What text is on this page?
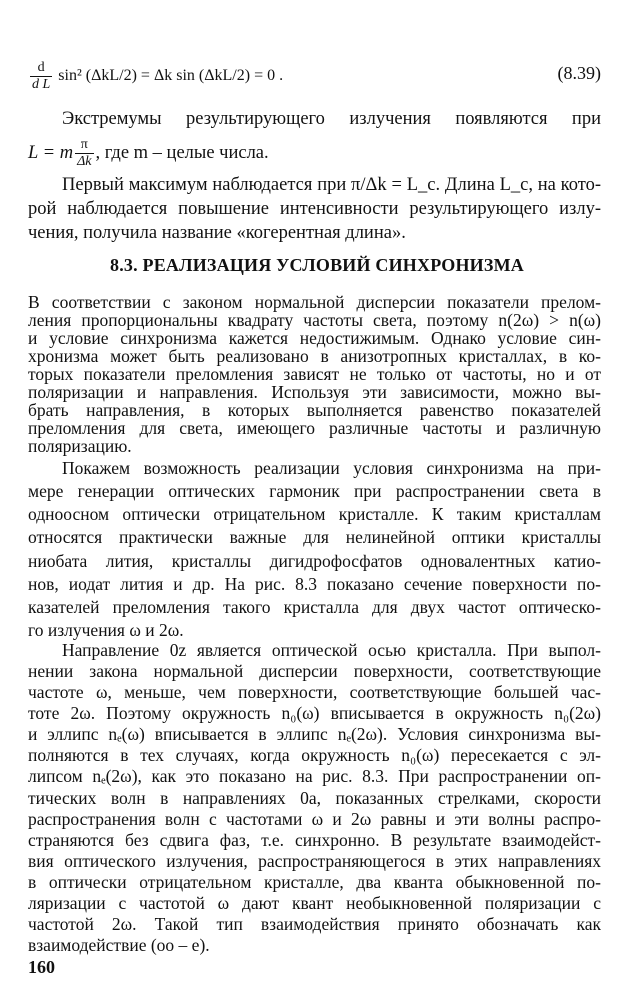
$\frac{d}{\text{d L}} \sin^2$ (ΔkL/2) = Δk sin (ΔkL/2) = 0 .	(8.39)
Экстремумы результирующего излучения появляются при
L = m $\frac{\pi}{\Delta k}$ , где m – целые числа.
Первый максимум наблюдается при π/Δk = L_c. Длина L_c, на кото-
рой наблюдается повышение интенсивности результирующего излу-
чения, получила название «когерентная длина».
8.3. РЕАЛИЗАЦИЯ УСЛОВИЙ СИНХРОНИЗМА
В соответствии с законом нормальной дисперсии показатели прелом-
ления пропорциональны квадрату частоты света, поэтому n(2ω) > n(ω)
и условие синхронизма кажется недостижимым. Однако условие син-
хронизма может быть реализовано в анизотропных кристаллах, в ко-
торых показатели преломления зависят не только от частоты, но и от
поляризации и направления. Используя эти зависимости, можно вы-
брать направления, в которых выполняется равенство показателей
преломления для света, имеющего различные частоты и различную
поляризацию.
Покажем возможность реализации условия синхронизма на при-
мере генерации оптических гармоник при распространении света в
одноосном оптически отрицательном кристалле. К таким кристаллам
относятся практически важные для нелинейной оптики кристаллы
ниобата лития, кристаллы дигидрофосфатов одновалентных катио-
нов, иодат лития и др. На рис. 8.3 показано сечение поверхности по-
казателей преломления такого кристалла для двух частот оптическо-
го излучения ω и 2ω.
Направление 0z является оптической осью кристалла. При выпол-
нении закона нормальной дисперсии поверхности, соответствующие
частоте ω, меньше, чем поверхности, соответствующие большей час-
тоте 2ω. Поэтому окружность n₀(ω) вписывается в окружность n₀(2ω)
и эллипс nₑ(ω) вписывается в эллипс nₑ(2ω). Условия синхронизма вы-
полняются в тех случаях, когда окружность n₀(ω) пересекается с эл-
липсом nₑ(2ω), как это показано на рис. 8.3. При распространении оп-
тических волн в направлениях 0a, показанных стрелками, скорости
распространения волн с частотами ω и 2ω равны и эти волны распро-
страняются без сдвига фаз, т.е. синхронно. В результате взаимодейст-
вия оптического излучения, распространяющегося в этих направлениях
в оптически отрицательном кристалле, два кванта обыкновенной по-
ляризации с частотой ω дают квант необыкновенной поляризации с
частотой 2ω. Такой тип взаимодействия принято обозначать как
взаимодействие (oo – e).
160
